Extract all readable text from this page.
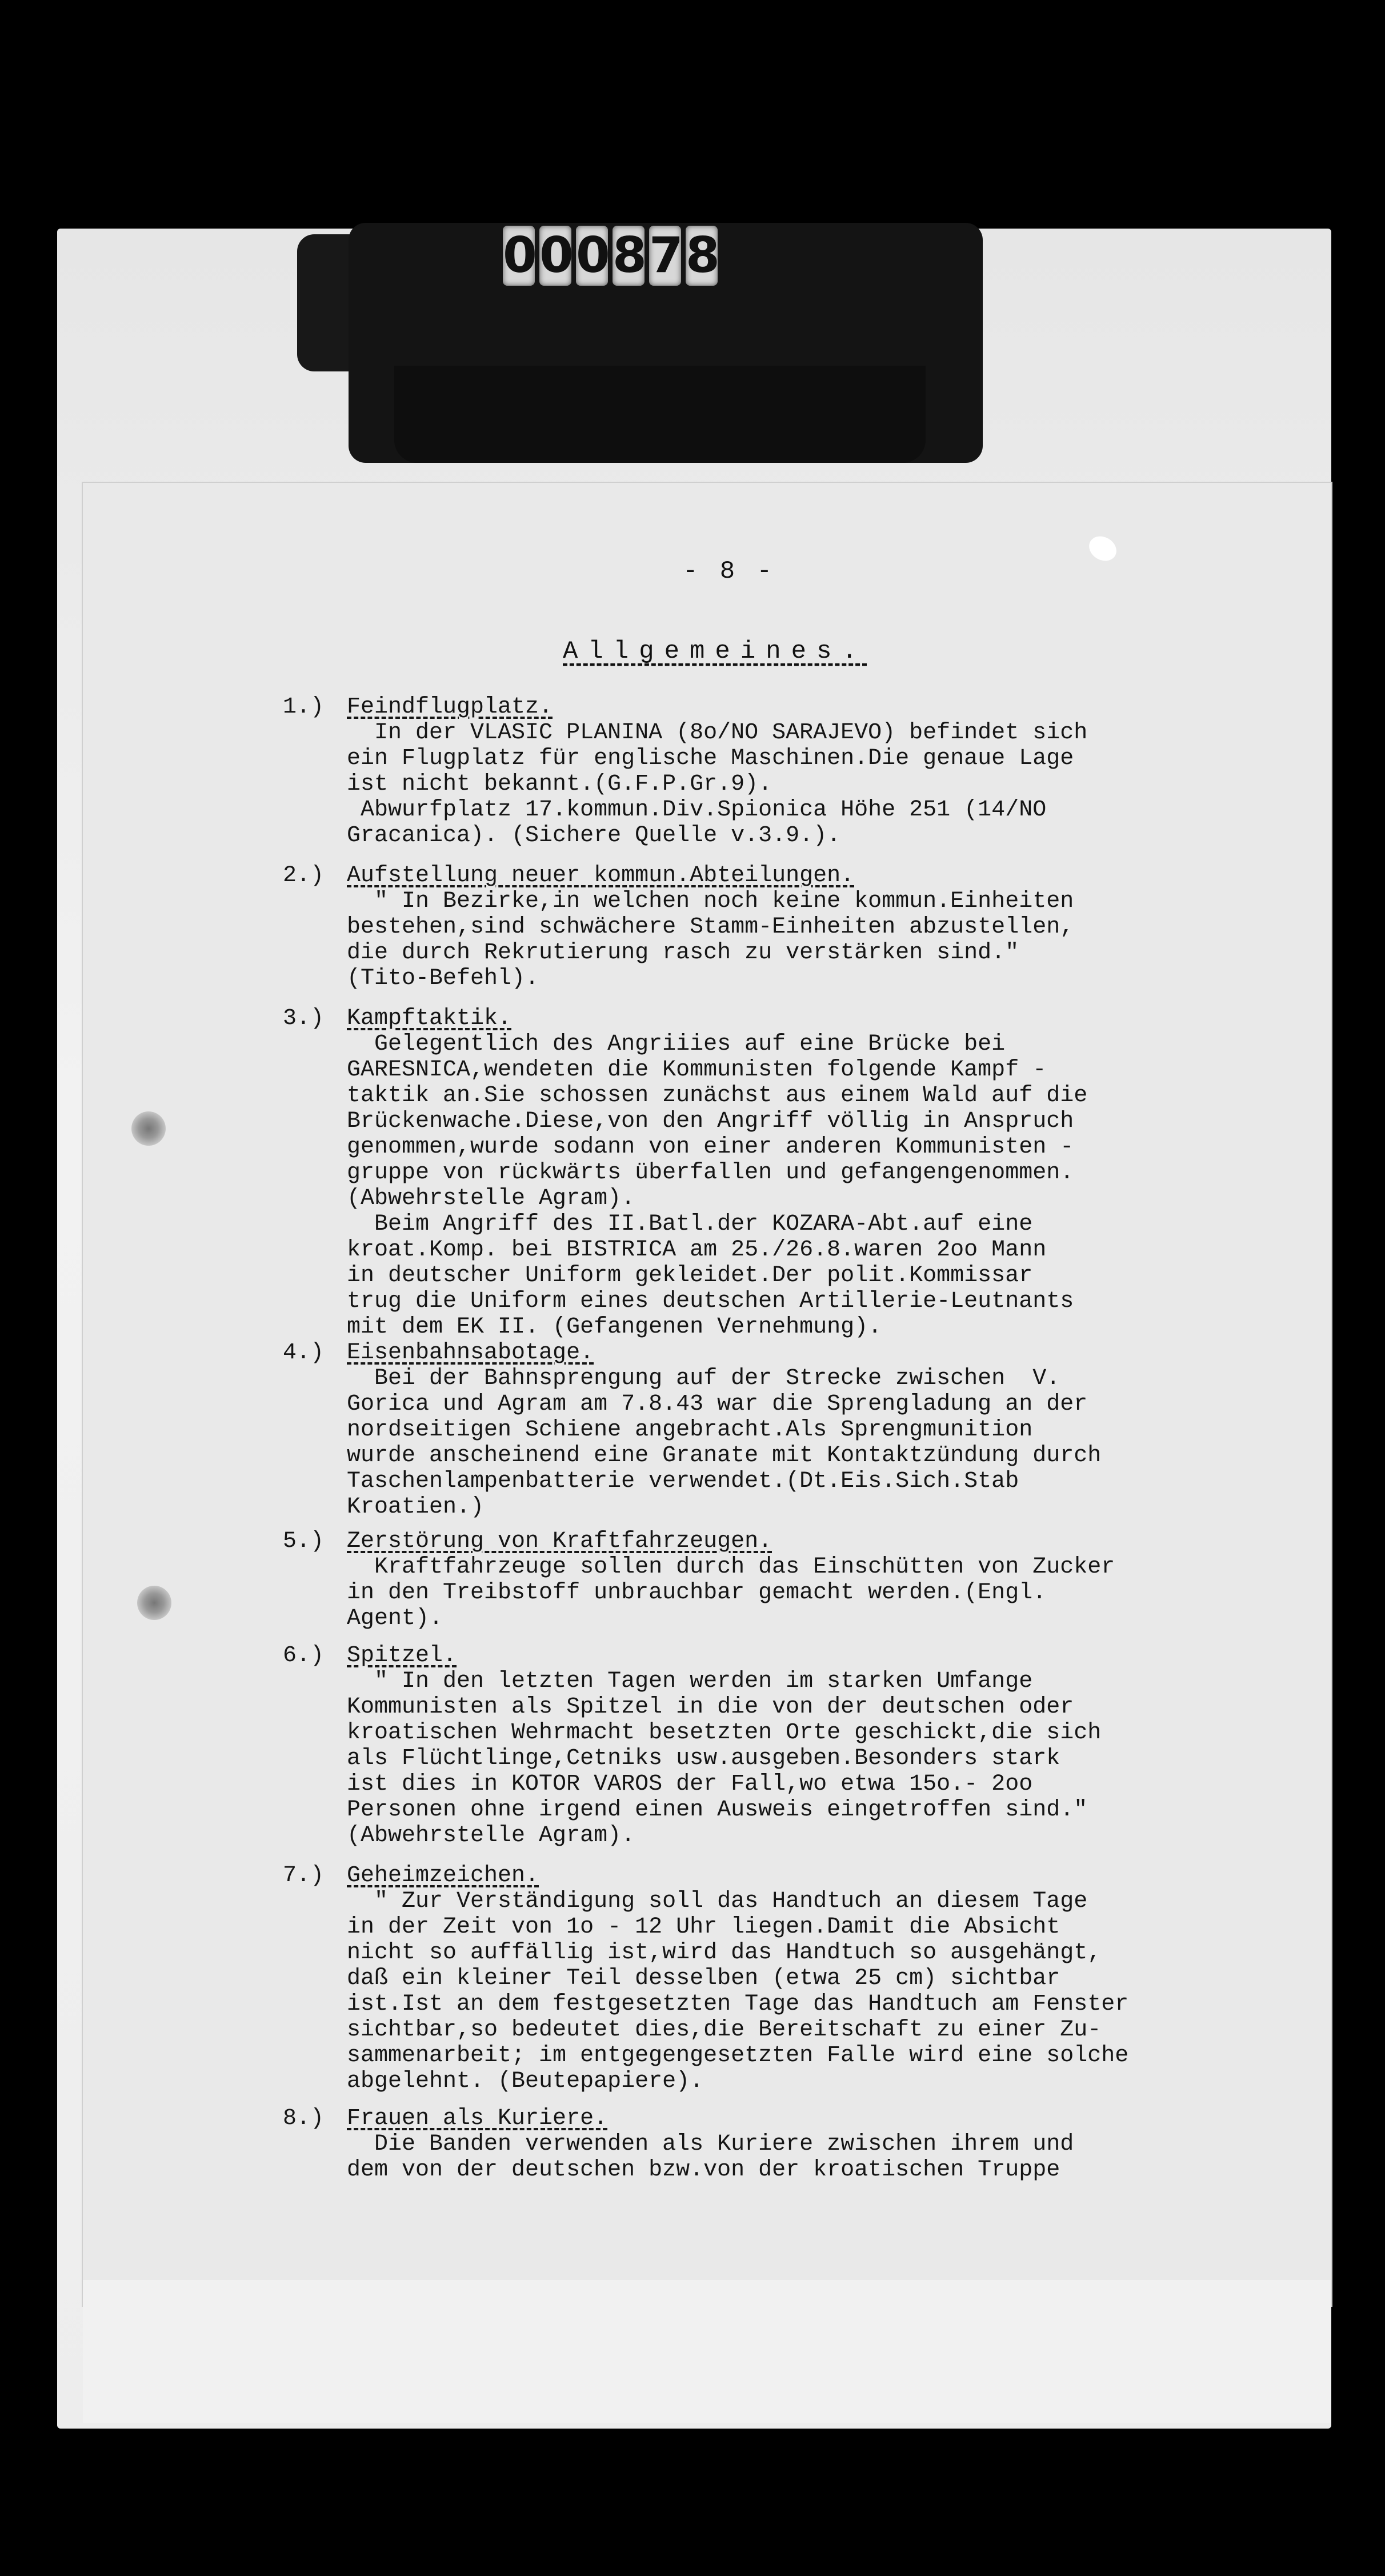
0 0 0 8 7 8
- 8 -
Allgemeines.
1.) Feindflugplatz.
In der VLASIC PLANINA (8o/NO SARAJEVO) befindet sich
ein Flugplatz für englische Maschinen.Die genaue Lage
ist nicht bekannt.(G.F.P.Gr.9).
Abwurfplatz 17.kommun.Div.Spionica Höhe 251 (14/NO
Gracanica). (Sichere Quelle v.3.9.).
2.) Aufstellung neuer kommun.Abteilungen.
" In Bezirke,in welchen noch keine kommun.Einheiten
bestehen,sind schwächere Stamm-Einheiten abzustellen,
die durch Rekrutierung rasch zu verstärken sind."
(Tito-Befehl).
3.) Kampftaktik.
Gelegentlich des Angriiies auf eine Brücke bei
GARESNICA,wendeten die Kommunisten folgende Kampf -
taktik an.Sie schossen zunächst aus einem Wald auf die
Brückenwache.Diese,von den Angriff völlig in Anspruch
genommen,wurde sodann von einer anderen Kommunisten -
gruppe von rückwärts überfallen und gefangengenommen.
(Abwehrstelle Agram).
Beim Angriff des II.Batl.der KOZARA-Abt.auf eine
kroat.Komp. bei BISTRICA am 25./26.8.waren 2oo Mann
in deutscher Uniform gekleidet.Der polit.Kommissar
trug die Uniform eines deutschen Artillerie-Leutnants
mit dem EK II. (Gefangenen Vernehmung).
4.) Eisenbahnsabotage.
Bei der Bahnsprengung auf der Strecke zwischen  V.
Gorica und Agram am 7.8.43 war die Sprengladung an der
nordseitigen Schiene angebracht.Als Sprengmunition
wurde anscheinend eine Granate mit Kontaktzündung durch
Taschenlampenbatterie verwendet.(Dt.Eis.Sich.Stab
Kroatien.)
5.) Zerstörung von Kraftfahrzeugen.
Kraftfahrzeuge sollen durch das Einschütten von Zucker
in den Treibstoff unbrauchbar gemacht werden.(Engl.
Agent).
6.) Spitzel.
" In den letzten Tagen werden im starken Umfange
Kommunisten als Spitzel in die von der deutschen oder
kroatischen Wehrmacht besetzten Orte geschickt,die sich
als Flüchtlinge,Cetniks usw.ausgeben.Besonders stark
ist dies in KOTOR VAROS der Fall,wo etwa 15o.- 2oo
Personen ohne irgend einen Ausweis eingetroffen sind."
(Abwehrstelle Agram).
7.) Geheimzeichen.
" Zur Verständigung soll das Handtuch an diesem Tage
in der Zeit von 1o - 12 Uhr liegen.Damit die Absicht
nicht so auffällig ist,wird das Handtuch so ausgehängt,
daß ein kleiner Teil desselben (etwa 25 cm) sichtbar
ist.Ist an dem festgesetzten Tage das Handtuch am Fenster
sichtbar,so bedeutet dies,die Bereitschaft zu einer Zu-
sammenarbeit; im entgegengesetzten Falle wird eine solche
abgelehnt. (Beutepapiere).
8.) Frauen als Kuriere.
Die Banden verwenden als Kuriere zwischen ihrem und
dem von der deutschen bzw.von der kroatischen Truppe
